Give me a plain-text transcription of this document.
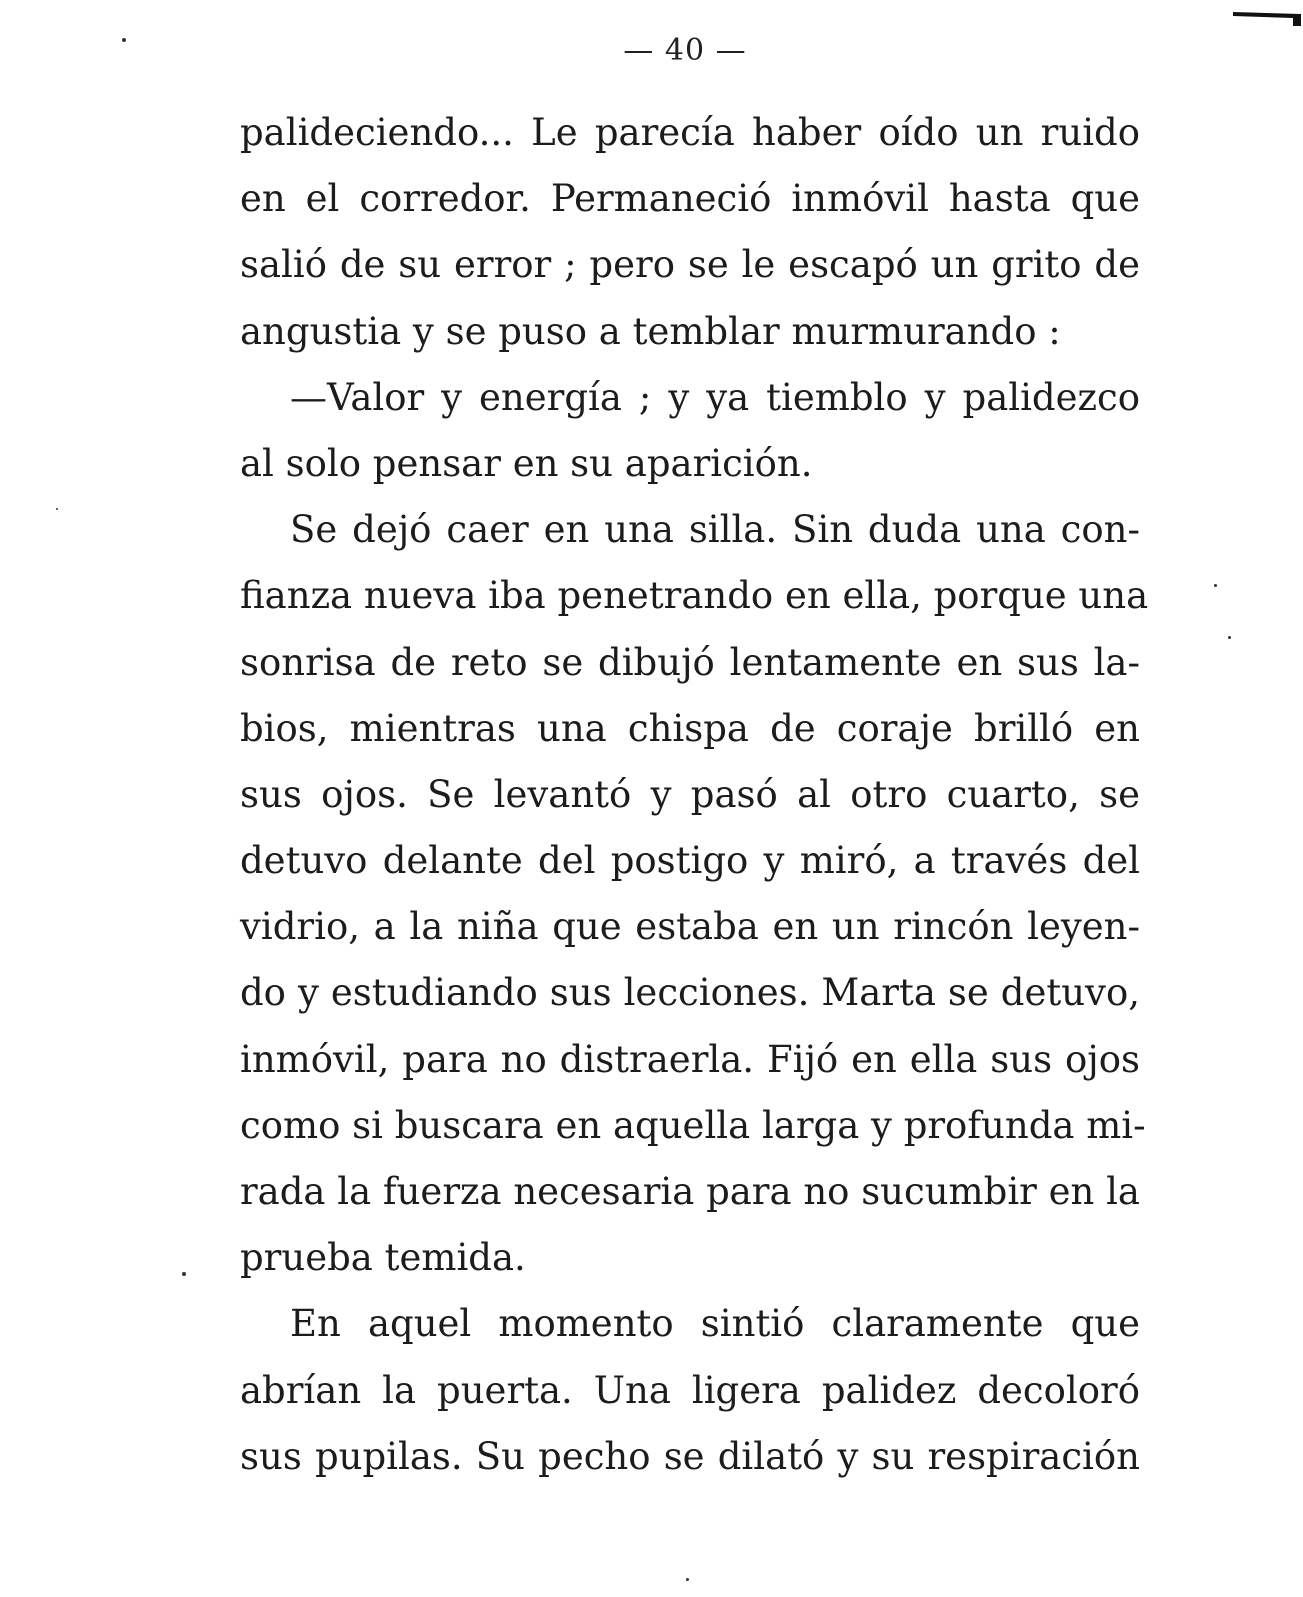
— 40 —
palideciendo... Le parecía haber oído un ruido
en el corredor. Permaneció inmóvil hasta que
salió de su error ; pero se le escapó un grito de
angustia y se puso a temblar murmurando :
—Valor y energía ; y ya tiemblo y palidezco
al solo pensar en su aparición.
Se dejó caer en una silla. Sin duda una con-
fianza nueva iba penetrando en ella, porque una
sonrisa de reto se dibujó lentamente en sus la-
bios, mientras una chispa de coraje brilló en
sus ojos. Se levantó y pasó al otro cuarto, se
detuvo delante del postigo y miró, a través del
vidrio, a la niña que estaba en un rincón leyen-
do y estudiando sus lecciones. Marta se detuvo,
inmóvil, para no distraerla. Fijó en ella sus ojos
como si buscara en aquella larga y profunda mi-
rada la fuerza necesaria para no sucumbir en la
prueba temida.
En aquel momento sintió claramente que
abrían la puerta. Una ligera palidez decoloró
sus pupilas. Su pecho se dilató y su respiración
